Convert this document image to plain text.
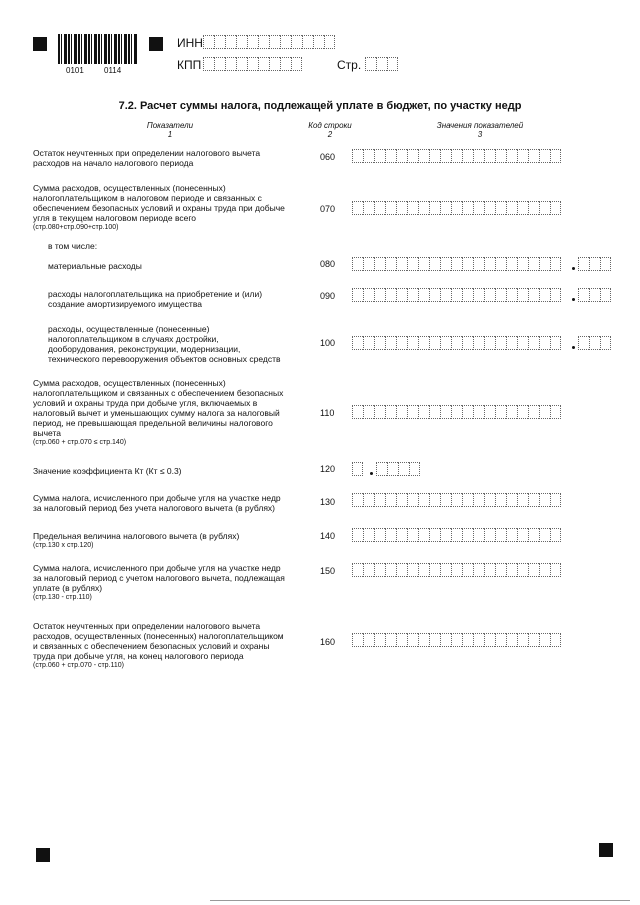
0101	0114
ИНН
КПП	Стр.
7.2. Расчет суммы налога, подлежащей уплате в бюджет, по участку недр
Показатели
1
Код строки
2
Значения показателей
3
Остаток неучтенных при определении налогового вычета
расходов на начало налогового периода
060
Сумма расходов, осуществленных (понесенных)
налогоплательщиком в налоговом периоде и связанных с
обеспечением безопасных условий и охраны труда при добыче
угля в текущем налоговом периоде всего
(стр.080+стр.090+стр.100)
070
в том числе:
материальные расходы	080
расходы налогоплательщика на приобретение и (или)
создание амортизируемого имущества
090
расходы, осуществленные (понесенные)
налогоплательщиком в случаях достройки,
дооборудования, реконструкции, модернизации,
технического перевооружения объектов основных средств
100
Сумма расходов, осуществленных (понесенных)
налогоплательщиком и связанных с обеспечением безопасных
условий и охраны труда при добыче угля, включаемых в
налоговый вычет и уменьшающих сумму налога за налоговый
период, не превышающая предельной величины налогового
вычета
(стр.060 + стр.070 ≤ стр.140)
110
Значение коэффициента Кт (Кт ≤ 0.3)	120
Сумма налога, исчисленного при добыче угля на участке недр
за налоговый период без учета налогового вычета (в рублях)
130
Предельная величина налогового вычета (в рублях)
(стр.130 х стр.120)
140
Сумма налога, исчисленного при добыче угля на участке недр
за налоговый период с учетом налогового вычета, подлежащая
уплате (в рублях)
(стр.130 - стр.110)
150
Остаток неучтенных при определении налогового вычета
расходов, осуществленных (понесенных) налогоплательщиком
и связанных с обеспечением безопасных условий и охраны
труда при добыче угля, на конец налогового периода
(стр.060 + стр.070 - стр.110)
160
